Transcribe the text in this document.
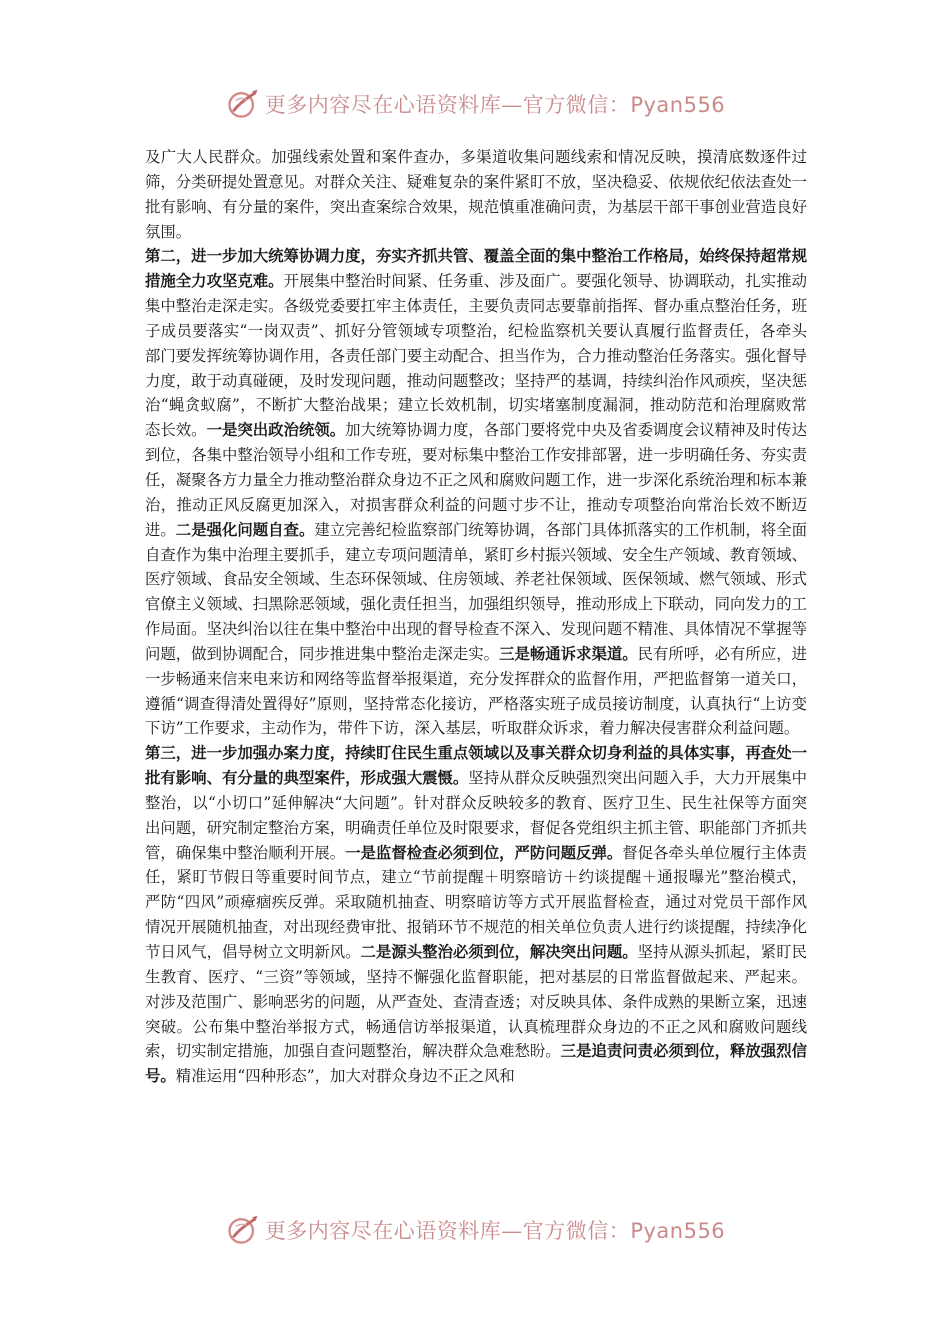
更多内容尽在心语资料库—官方微信：Pyan556

及广大人民群众。加强线索处置和案件查办，多渠道收集问题线索和情况反映，摸清底数逐件过筛，分类研提处置意见。对群众关注、疑难复杂的案件紧盯不放，坚决稳妥、依规依纪依法查处一批有影响、有分量的案件，突出查案综合效果，规范慎重准确问责，为基层干部干事创业营造良好氛围。

第二，进一步加大统筹协调力度，夯实齐抓共管、覆盖全面的集中整治工作格局，始终保持超常规措施全力攻坚克难。开展集中整治时间紧、任务重、涉及面广。要强化领导、协调联动，扎实推动集中整治走深走实。各级党委要扛牢主体责任，主要负责同志要靠前指挥、督办重点整治任务，班子成员要落实“一岗双责”、抓好分管领域专项整治，纪检监察机关要认真履行监督责任，各牵头部门要发挥统筹协调作用，各责任部门要主动配合、担当作为，合力推动整治任务落实。强化督导力度，敢于动真碰硬，及时发现问题，推动问题整改；坚持严的基调，持续纠治作风顽疾，坚决惩治“蝇贪蚁腐”，不断扩大整治战果；建立长效机制，切实堵塞制度漏洞，推动防范和治理腐败常态长效。一是突出政治统领。加大统筹协调力度，各部门要将党中央及省委调度会议精神及时传达到位，各集中整治领导小组和工作专班，要对标集中整治工作安排部署，进一步明确任务、夯实责任，凝聚各方力量全力推动整治群众身边不正之风和腐败问题工作，进一步深化系统治理和标本兼治，推动正风反腐更加深入，对损害群众利益的问题寸步不让，推动专项整治向常治长效不断迈进。二是强化问题自查。建立完善纪检监察部门统筹协调，各部门具体抓落实的工作机制，将全面自查作为集中治理主要抓手，建立专项问题清单，紧盯乡村振兴领域、安全生产领域、教育领域、医疗领域、食品安全领域、生态环保领域、住房领域、养老社保领域、医保领域、燃气领域、形式官僚主义领域、扫黑除恶领域，强化责任担当，加强组织领导，推动形成上下联动，同向发力的工作局面。坚决纠治以往在集中整治中出现的督导检查不深入、发现问题不精准、具体情况不掌握等问题，做到协调配合，同步推进集中整治走深走实。三是畅通诉求渠道。民有所呼，必有所应，进一步畅通来信来电来访和网络等监督举报渠道，充分发挥群众的监督作用，严把监督第一道关口，遵循“调查得清处置得好”原则，坚持常态化接访，严格落实班子成员接访制度，认真执行“上访变下访”工作要求，主动作为，带件下访，深入基层，听取群众诉求，着力解决侵害群众利益问题。

第三，进一步加强办案力度，持续盯住民生重点领域以及事关群众切身利益的具体实事，再查处一批有影响、有分量的典型案件，形成强大震慑。坚持从群众反映强烈突出问题入手，大力开展集中整治，以“小切口”延伸解决“大问题”。针对群众反映较多的教育、医疗卫生、民生社保等方面突出问题，研究制定整治方案，明确责任单位及时限要求，督促各党组织主抓主管、职能部门齐抓共管，确保集中整治顺利开展。一是监督检查必须到位，严防问题反弹。督促各牵头单位履行主体责任，紧盯节假日等重要时间节点，建立“节前提醒＋明察暗访＋约谈提醒＋通报曝光”整治模式，严防“四风”顽瘴痼疾反弹。采取随机抽查、明察暗访等方式开展监督检查，通过对党员干部作风情况开展随机抽查，对出现经费审批、报销环节不规范的相关单位负责人进行约谈提醒，持续净化节日风气，倡导树立文明新风。二是源头整治必须到位，解决突出问题。坚持从源头抓起，紧盯民生教育、医疗、“三资”等领域，坚持不懈强化监督职能，把对基层的日常监督做起来、严起来。对涉及范围广、影响恶劣的问题，从严查处、查清查透；对反映具体、条件成熟的果断立案，迅速突破。公布集中整治举报方式，畅通信访举报渠道，认真梳理群众身边的不正之风和腐败问题线索，切实制定措施，加强自查问题整治，解决群众急难愁盼。三是追责问责必须到位，释放强烈信号。精准运用“四种形态”，加大对群众身边不正之风和

更多内容尽在心语资料库—官方微信：Pyan556
